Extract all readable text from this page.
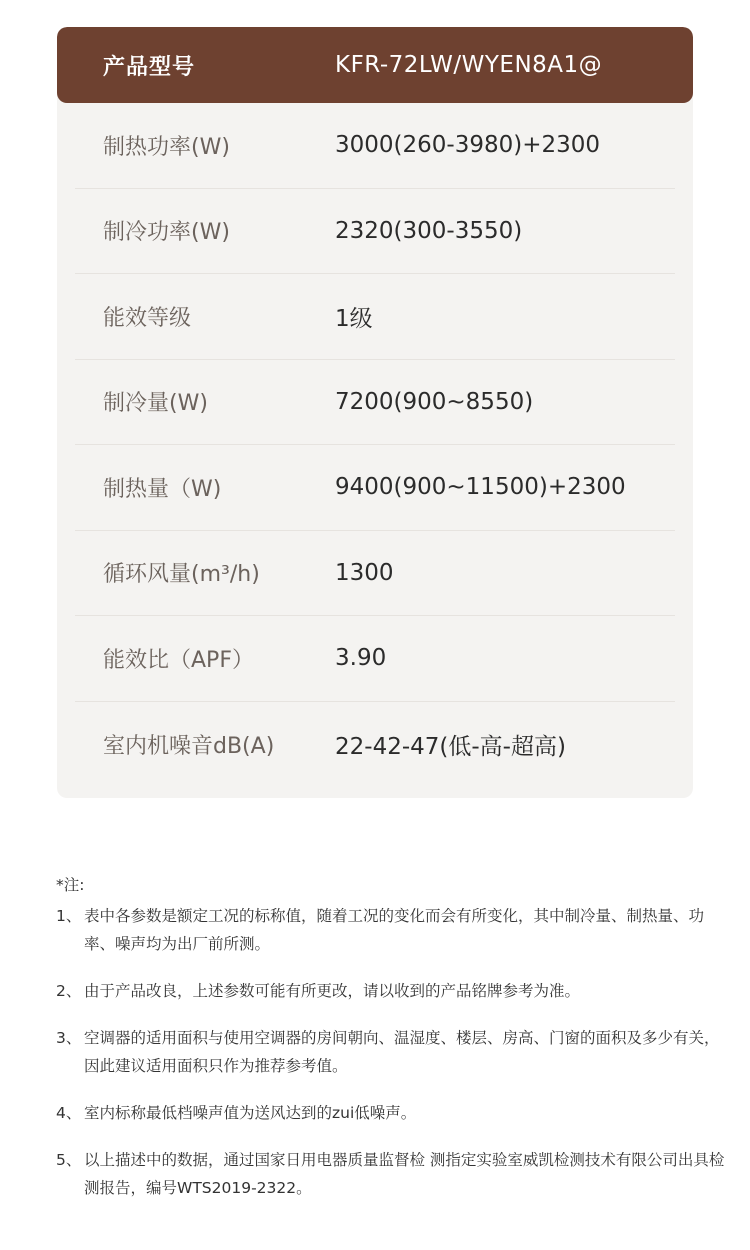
产品型号	KFR-72LW/WYEN8A1@
制热功率(W)	3000(260-3980)+2300
制冷功率(W)	2320(300-3550)
能效等级	1级
制冷量(W)	7200(900~8550)
制热量（W)	9400(900~11500)+2300
循环风量(m³/h)	1300
能效比（APF）	3.90
室内机噪音dB(A)	22-42-47(低-高-超高)
*注:
1、 表中各参数是额定工况的标称值，随着工况的变化而会有所变化，其中制冷量、制热量、功率、噪声均为出厂前所测。
2、 由于产品改良，上述参数可能有所更改，请以收到的产品铭牌参考为准。
3、 空调器的适用面积与使用空调器的房间朝向、温湿度、楼层、房高、门窗的面积及多少有关，因此建议适用面积只作为推荐参考值。
4、 室内标称最低档噪声值为送风达到的zui低噪声。
5、 以上描述中的数据，通过国家日用电器质量监督检 测指定实验室威凯检测技术有限公司出具检测报告，编号WTS2019-2322。
